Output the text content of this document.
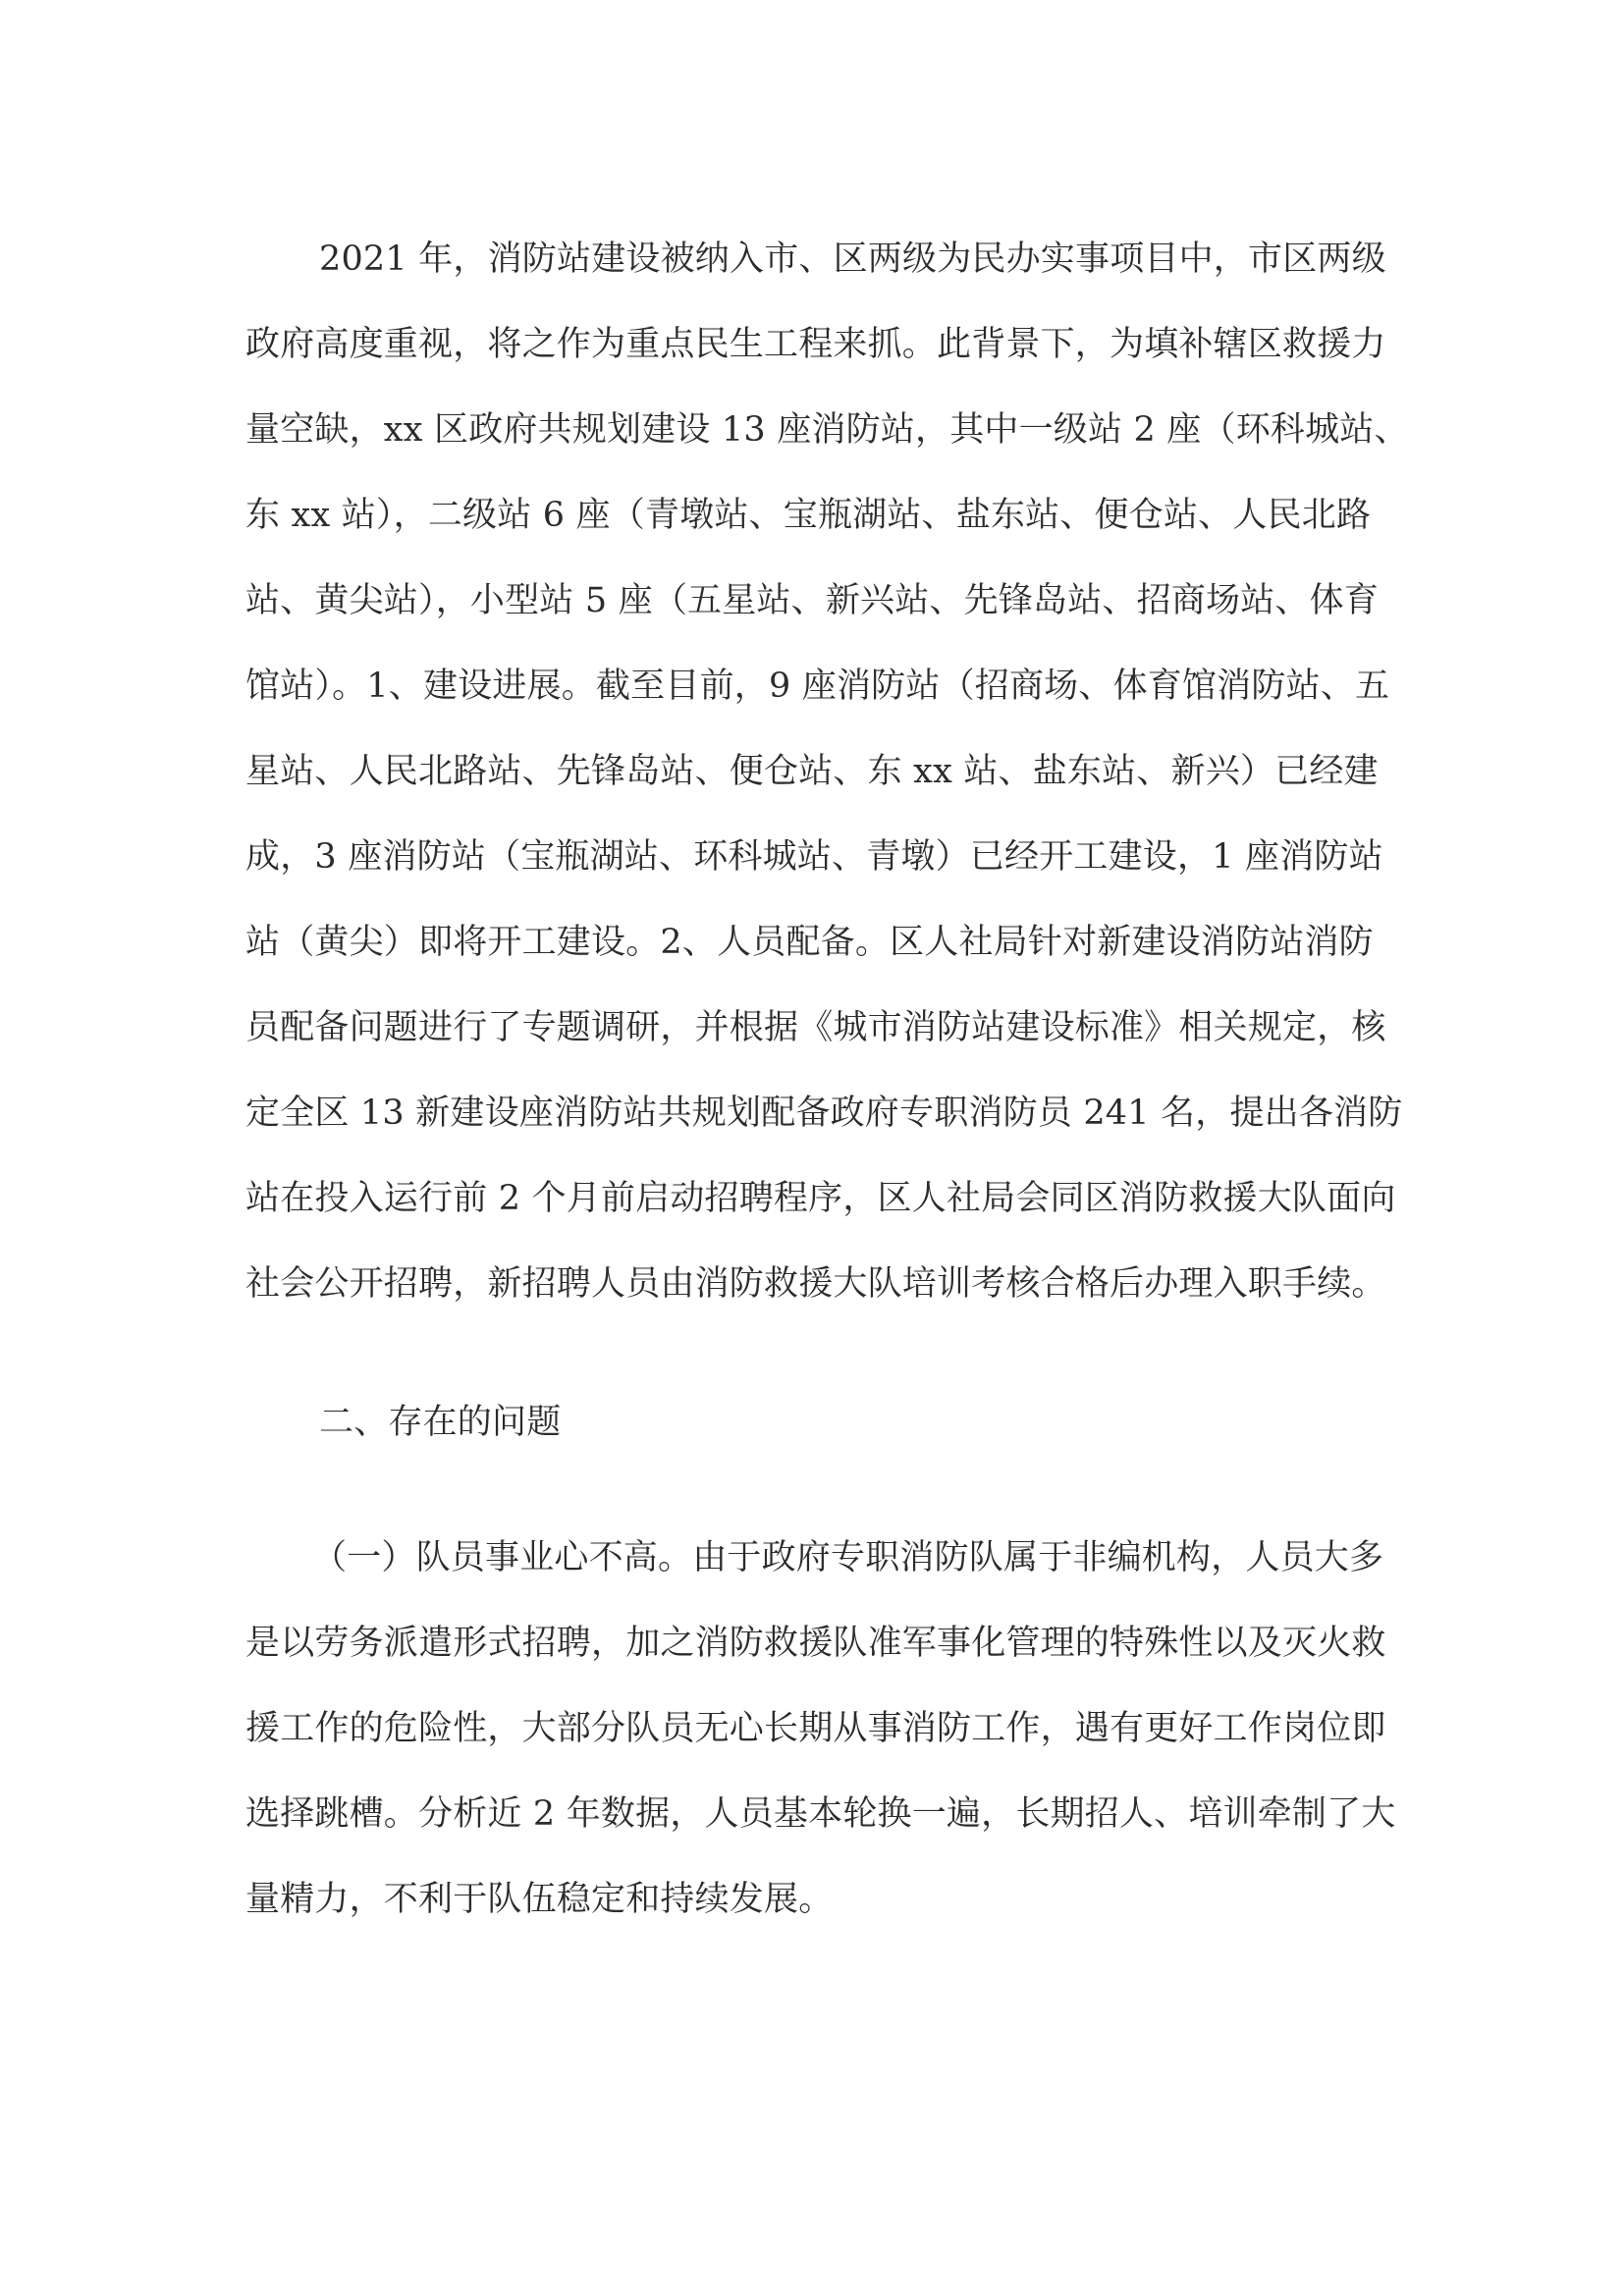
2021 年，消防站建设被纳入市、区两级为民办实事项目中，市区两级
政府高度重视，将之作为重点民生工程来抓。此背景下，为填补辖区救援力
量空缺，xx 区政府共规划建设 13 座消防站，其中一级站 2 座（环科城站、
东 xx 站），二级站 6 座（青墩站、宝瓶湖站、盐东站、便仓站、人民北路
站、黄尖站），小型站 5 座（五星站、新兴站、先锋岛站、招商场站、体育
馆站）。1、建设进展。截至目前，9 座消防站（招商场、体育馆消防站、五
星站、人民北路站、先锋岛站、便仓站、东 xx 站、盐东站、新兴）已经建
成，3 座消防站（宝瓶湖站、环科城站、青墩）已经开工建设，1 座消防站
站（黄尖）即将开工建设。2、人员配备。区人社局针对新建设消防站消防
员配备问题进行了专题调研，并根据《城市消防站建设标准》相关规定，核
定全区 13 新建设座消防站共规划配备政府专职消防员 241 名，提出各消防
站在投入运行前 2 个月前启动招聘程序，区人社局会同区消防救援大队面向
社会公开招聘，新招聘人员由消防救援大队培训考核合格后办理入职手续。
二、存在的问题
（一）队员事业心不高。由于政府专职消防队属于非编机构，人员大多
是以劳务派遣形式招聘，加之消防救援队准军事化管理的特殊性以及灭火救
援工作的危险性，大部分队员无心长期从事消防工作，遇有更好工作岗位即
选择跳槽。分析近 2 年数据，人员基本轮换一遍，长期招人、培训牵制了大
量精力，不利于队伍稳定和持续发展。
